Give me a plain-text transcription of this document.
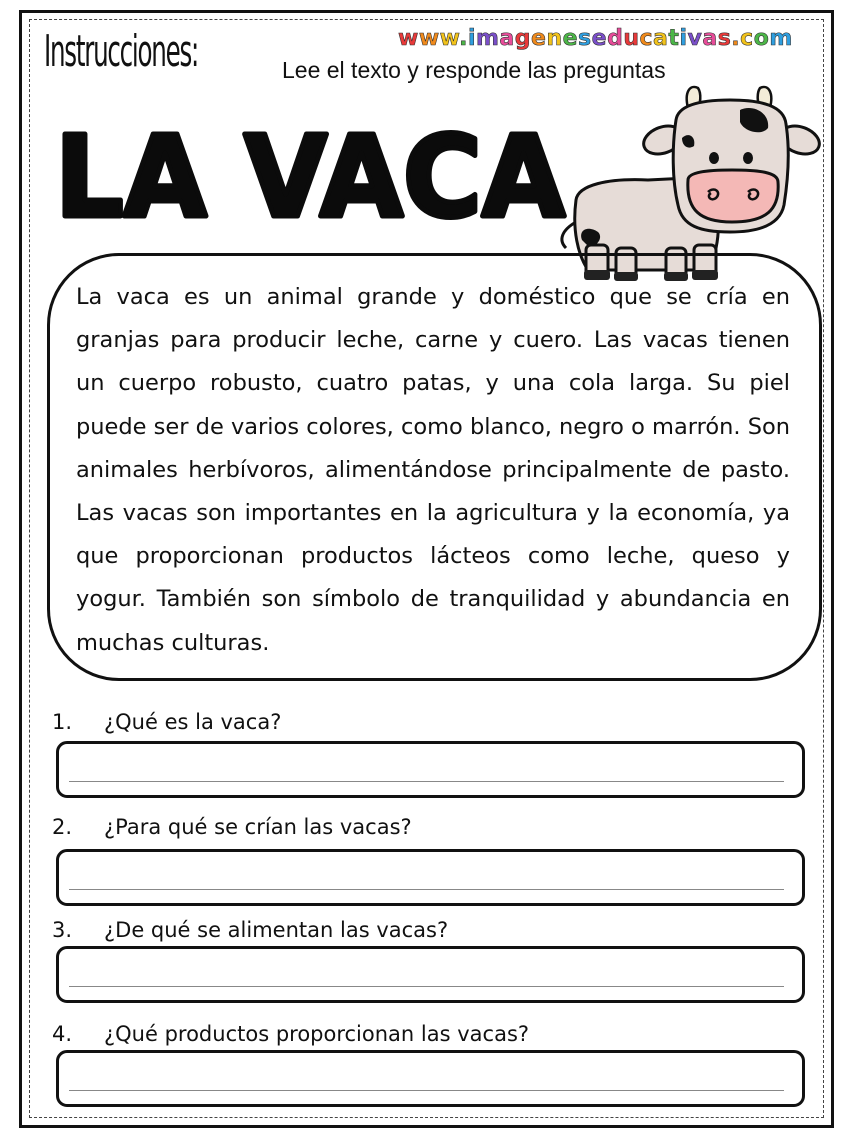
Instrucciones:	Lee el texto y responde las preguntas
www.imageneseducativas.com
LA VACA

La vaca es un animal grande y doméstico que se cría en granjas para producir leche, carne y cuero. Las vacas tienen un cuerpo robusto, cuatro patas, y una cola larga. Su piel puede ser de varios colores, como blanco, negro o marrón. Son animales herbívoros, alimentándose principalmente de pasto. Las vacas son importantes en la agricultura y la economía, ya que proporcionan productos lácteos como leche, queso y yogur. También son símbolo de tranquilidad y abundancia en muchas culturas.

1. ¿Qué es la vaca?
2. ¿Para qué se crían las vacas?
3. ¿De qué se alimentan las vacas?
4. ¿Qué productos proporcionan las vacas?
